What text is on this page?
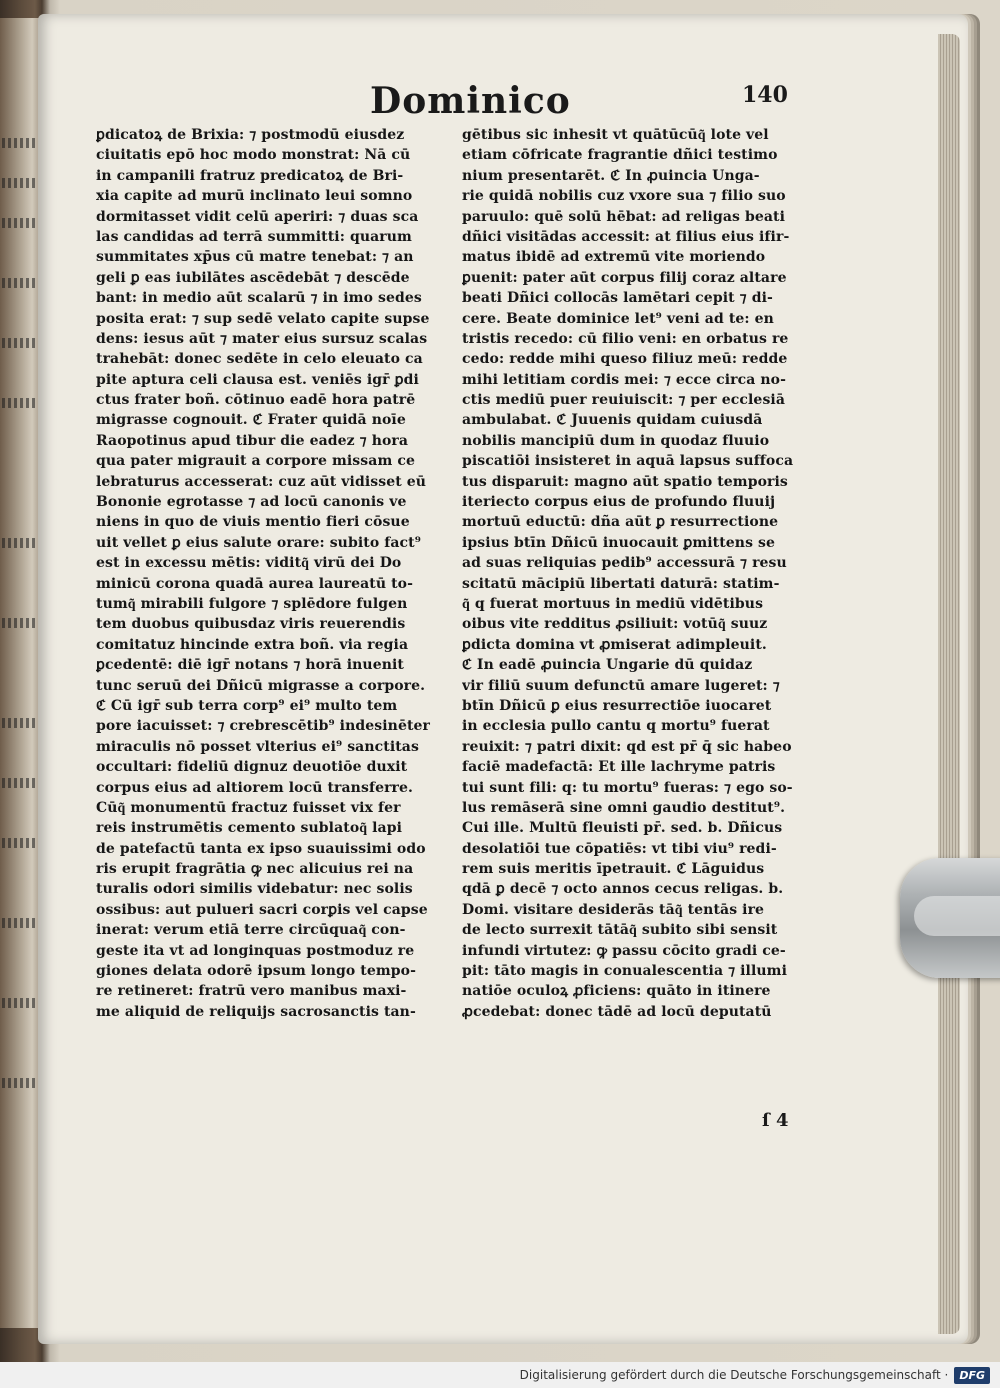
Dominico	140
ꝑdicatoꝝ de Brixia: ⁊ postmodū eiusdez
ciuitatis epō hoc modo monstrat: Nā cū
in campanili fratruz predicatoꝝ de Bri-
xia capite ad murū inclinato leui somno
dormitasset vidit celū aperiri: ⁊ duas sca
las candidas ad terrā summitti: quarum
summitates xp̄us cū matre tenebat: ⁊ an
geli ꝑ eas iubilātes ascēdebāt ⁊ descēde
bant: in medio aūt scalarū ⁊ in imo sedes
posita erat: ⁊ sup sedē velato capite supse
dens: iesus aūt ⁊ mater eius sursuz scalas
trahebāt: donec sedēte in celo eleuato ca
pite aptura celi clausa est. veniēs igr̄ ꝑdi
ctus frater boñ. cōtinuo eadē hora patrē
migrasse cognouit. ℭ Frater quidā noīe
Raopotinus apud tibur die eadez ⁊ hora
qua pater migrauit a corpore missam ce
lebraturus accesserat: cuz aūt vidisset eū
Bononie egrotasse ⁊ ad locū canonis ve
niens in quo de viuis mentio fieri cōsue
uit vellet ꝑ eius salute orare: subito fact⁹
est in excessu mētis: viditq͂ virū dei Do
minicū corona quadā aurea laureatū to-
tumq͂ mirabili fulgore ⁊ splēdore fulgen
tem duobus quibusdaz viris reuerendis
comitatuz hincinde extra boñ. via regia
ꝑcedentē: diē igr̄ notans ⁊ horā inuenit
tunc seruū dei Dñicū migrasse a corpore.
ℭ Cū igr̄ sub terra corp⁹ ei⁹ multo tem
pore iacuisset: ⁊ crebrescētib⁹ indesinēter
miraculis nō posset vlterius ei⁹ sanctitas
occultari: fideliū dignuz deuotiōe duxit
corpus eius ad altiorem locū transferre.
Cūq͂ monumentū fractuz fuisset vix fer
reis instrumētis cemento sublatoq͂ lapi
de patefactū tanta ex ipso suauissimi odo
ris erupit fragrātia ꝙ nec alicuius rei na
turalis odori similis videbatur: nec solis
ossibus: aut pulueri sacri corꝑis vel capse
inerat: verum etiā terre circūquaq͂ con-
geste ita vt ad longinquas postmoduz re
giones delata odorē ipsum longo tempo-
re retineret: fratrū vero manibus maxi-
me aliquid de reliquijs sacrosanctis tan-
gētibus sic inhesit vt quātūcūq͂ lote vel
etiam cōfricate fragrantie dñici testimo
nium presentarēt. ℭ In ꝓuincia Unga-
rie quidā nobilis cuz vxore sua ⁊ filio suo
paruulo: quē solū hēbat: ad religas beati
dñici visitādas accessit: at filius eius ifir-
matus ibidē ad extremū vite moriendo
ꝑuenit: pater aūt corpus filij coraz altare
beati Dñici collocās lamētari cepit ⁊ di-
cere. Beate dominice let⁹ veni ad te: en
tristis recedo: cū filio veni: en orbatus re
cedo: redde mihi queso filiuz meū: redde
mihi letitiam cordis mei: ⁊ ecce circa no-
ctis mediū puer reuiuiscit: ⁊ per ecclesiā
ambulabat. ℭ Juuenis quidam cuiusdā
nobilis mancipiū dum in quodaz fluuio
piscatiōi insisteret in aquā lapsus suffoca
tus disparuit: magno aūt spatio temporis
iteriecto corpus eius de profundo fluuij
mortuū eductū: dña aūt ꝑ resurrectione
ipsius btīn Dñicū inuocauit ꝑmittens se
ad suas reliquias pedib⁹ accessurā ⁊ resu
scitatū mācipiū libertati daturā: statim-
q͂ q fuerat mortuus in mediū vidētibus
oibus vite redditus ꝓsiliuit: votūq͂ suuz
ꝑdicta domina vt ꝓmiserat adimpleuit.
ℭ In eadē ꝓuincia Ungarie dū quidaz
vir filiū suum defunctū amare lugeret: ⁊
btīn Dñicū ꝑ eius resurrectiōe iuocaret
in ecclesia pullo cantu q mortu⁹ fuerat
reuixit: ⁊ patri dixit: qd est pr̄ q̄ sic habeo
faciē madefactā: Et ille lachryme patris
tui sunt fili: q: tu mortu⁹ fueras: ⁊ ego so-
lus remāserā sine omni gaudio destitut⁹.
Cui ille. Multū fleuisti pr̄. sed. b. Dñicus
desolatiōi tue cōpatiēs: vt tibi viu⁹ redi-
rem suis meritis īpetrauit. ℭ Lāguidus
qdā ꝑ decē ⁊ octo annos cecus religas. b.
Domi. visitare desiderās tāq͂ tentās ire
de lecto surrexit tātāq͂ subito sibi sensit
infundi virtutez: ꝙ passu cōcito gradi ce-
pit: tāto magis in conualescentia ⁊ illumi
natiōe oculoꝝ ꝓficiens: quāto in itinere
ꝓcedebat: donec tādē ad locū deputatū
ſ 4
Digitalisierung gefördert durch die Deutsche Forschungsgemeinschaft ·	DFG
